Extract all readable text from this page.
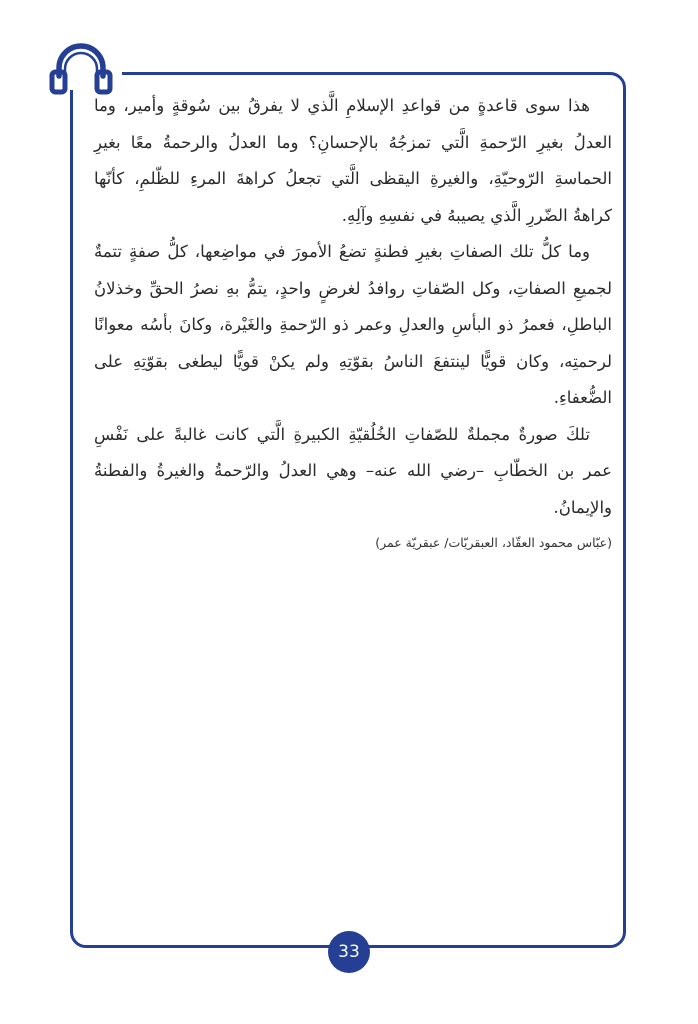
هذا سوى قاعدةٍ من قواعدِ الإسلامِ الَّذي لا يفرقُ بين سُوقةٍ وأمير، وما العدلُ بغيرِ الرّحمةِ الَّتي تمزجُهُ بالإحسانِ؟ وما العدلُ والرحمةُ معًا بغيرِ الحماسةِ الرّوحيّةِ، والغيرةِ اليقظى الَّتي تجعلُ كراهةَ المرءِ للظّلمِ، كأنّها كراهةُ الضّررِ الَّذي يصيبهُ في نفسِهِ وآلِهِ.

وما كلُّ تلك الصفاتِ بغيرِ فطنةٍ تضعُ الأمورَ في مواضِعها، كلُّ صفةٍ تتمةٌ لجميعِ الصفاتِ، وكل الصّفاتِ روافدُ لغرضٍ واحدٍ، يتمُّ بهِ نصرُ الحقِّ وخذلانُ الباطلِ، فعمرُ ذو البأسِ والعدلِ وعمر ذو الرّحمةِ والغَيْرة، وكانَ بأسُه معوانًا لرحمتِه، وكان قويًّا لينتفعَ الناسُ بقوّتِهِ ولم يكنْ قويًّا ليطغى بقوّتِهِ على الضُّعفاءِ.

تلكَ صورةٌ مجملةٌ للصّفاتِ الخُلُقيّةِ الكبيرةِ الَّتي كانت غالبةً على نَفْسِ عمر بن الخطّابِ –رضي الله عنه– وهي العدلُ والرّحمةُ والغيرةُ والفطنةُ والإيمانُ.

(عبّاس محمود العقّاد، العبقريّات/ عبقريّة عمر)
33
